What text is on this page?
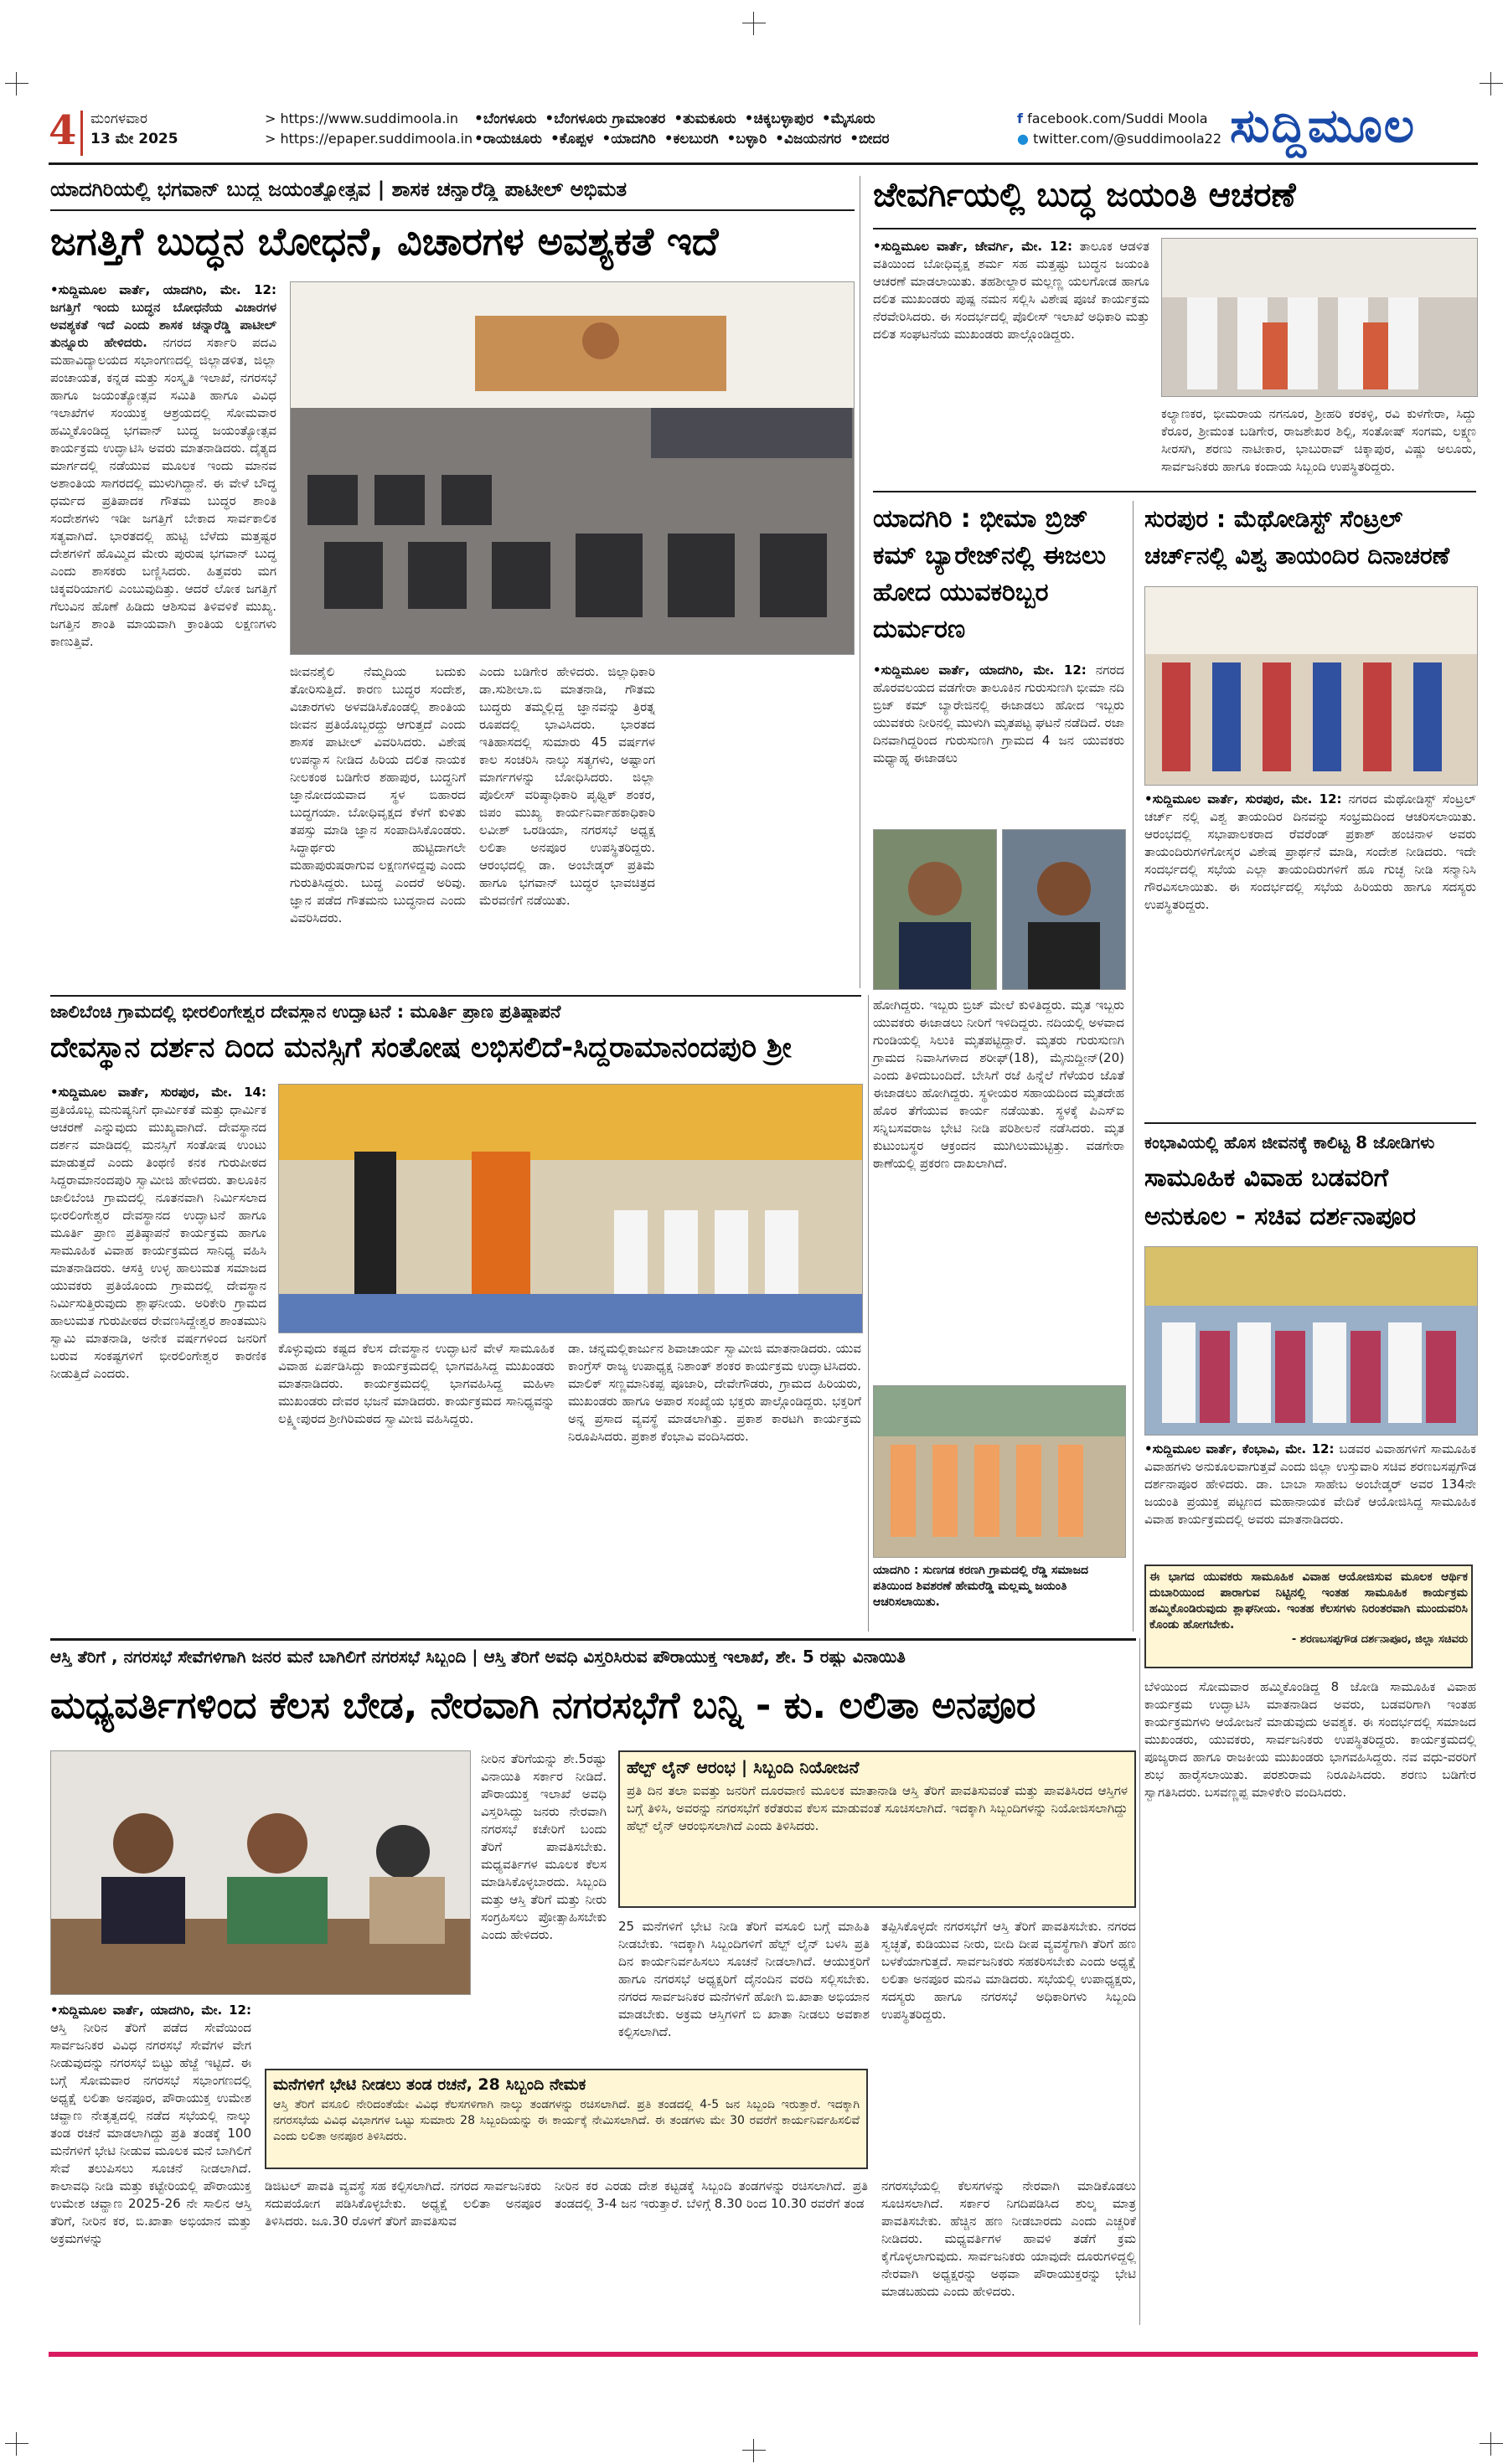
4 ಮಂಗಳವಾರ
13 ಮೇ 2025
> https://www.suddimoola.in
> https://epaper.suddimoola.in
•ಬೆಂಗಳೂರು •ಬೆಂಗಳೂರು ಗ್ರಾಮಾಂತರ •ತುಮಕೂರು •ಚಿಕ್ಕಬಳ್ಳಾಪುರ •ಮೈಸೂರು
•ರಾಯಚೂರು •ಕೊಪ್ಪಳ •ಯಾದಗಿರಿ •ಕಲಬುರಗಿ •ಬಳ್ಳಾರಿ •ವಿಜಯನಗರ •ಬೀದರ
f facebook.com/Suddi Moola
● twitter.com/@suddimoola22 ಸುದ್ದಿಮೂಲ
ಯಾದಗಿರಿಯಲ್ಲಿ ಭಗವಾನ್ ಬುದ್ಧ ಜಯಂತ್ಯೋತ್ಸವ | ಶಾಸಕ ಚನ್ನಾರೆಡ್ಡಿ ಪಾಟೀಲ್ ಅಭಿಮತ
ಜಗತ್ತಿಗೆ ಬುದ್ಧನ ಬೋಧನೆ, ವಿಚಾರಗಳ ಅವಶ್ಯಕತೆ ಇದೆ
•ಸುದ್ದಿಮೂಲ ವಾರ್ತೆ, ಯಾದಗಿರಿ, ಮೇ. 12: ಜಗತ್ತಿಗೆ ಇಂದು ಬುದ್ಧನ ಬೋಧನೆಯ ವಿಚಾರಗಳ ಅವಶ್ಯಕತೆ ಇದೆ ಎಂದು ಶಾಸಕ ಚನ್ನಾರೆಡ್ಡಿ ಪಾಟೀಲ್ ತುನ್ನೂರು ಹೇಳಿದರು. ನಗರದ ಸರ್ಕಾರಿ ಪದವಿ ಮಹಾವಿದ್ಯಾಲಯದ ಸಭಾಂಗಣದಲ್ಲಿ ಜಿಲ್ಲಾಡಳಿತ, ಜಿಲ್ಲಾ ಪಂಚಾಯತ, ಕನ್ನಡ ಮತ್ತು ಸಂಸ್ಕೃತಿ ಇಲಾಖೆ, ನಗರಸಭೆ ಹಾಗೂ ಜಯಂತ್ಯೋತ್ಸವ ಸಮಿತಿ ಹಾಗೂ ವಿವಿಧ ಇಲಾಖೆಗಳ ಸಂಯುಕ್ತ ಆಶ್ರಯದಲ್ಲಿ ಸೋಮವಾರ ಹಮ್ಮಿಕೊಂಡಿದ್ದ ಭಗವಾನ್ ಬುದ್ಧ ಜಯಂತ್ಯೋತ್ಸವ ಕಾರ್ಯಕ್ರಮ ಉದ್ಘಾಟಿಸಿ ಅವರು ಮಾತನಾಡಿದರು. ದೈತ್ಯದ ಮಾರ್ಗದಲ್ಲಿ ನಡೆಯುವ ಮೂಲಕ ಇಂದು ಮಾನವ ಅಶಾಂತಿಯ ಸಾಗರದಲ್ಲಿ ಮುಳುಗಿದ್ದಾನೆ. ಈ ವೇಳೆ ಬೌದ್ಧ ಧರ್ಮದ ಪ್ರತಿಪಾದಕ ಗೌತಮ ಬುದ್ಧರ ಶಾಂತಿ ಸಂದೇಶಗಳು ಇಡೀ ಜಗತ್ತಿಗೆ ಬೇಕಾದ ಸಾರ್ವಕಾಲಿಕ ಸತ್ಯವಾಗಿದೆ. ಭಾರತದಲ್ಲಿ ಹುಟ್ಟಿ ಬೆಳೆದು ಮತ್ತಷ್ಟರ ದೇಶಗಳಿಗೆ ಹೊಮ್ಮಿದ ಮೇರು ಪುರುಷ ಭಗವಾನ್ ಬುದ್ಧ ಎಂದು ಶಾಸಕರು ಬಣ್ಣಿಸಿದರು. ಹಿತ್ತವರು ಮಗ ಚಿಕ್ಕವರಿಯಾಗಲಿ ಎಂಬುವುದಿತ್ತು. ಆದರೆ ಲೋಕ ಜಗತ್ತಿಗೆ ಗೆಲುವಿನ ಹೊಣೆ ಹಿಡಿದು ಆಶಿಸುವ ತಿಳಿವಳಿಕೆ ಮುಖ್ಯ. ಜಗತ್ತಿನ ಶಾಂತಿ ಮಾಯವಾಗಿ ಕ್ರಾಂತಿಯ ಲಕ್ಷಣಗಳು ಕಾಣುತ್ತಿವೆ.
ಜೀವನಶೈಲಿ ನೆಮ್ಮದಿಯ ಬದುಕು ತೋರಿಸುತ್ತಿದೆ. ಕಾರಣ ಬುದ್ಧರ ಸಂದೇಶ, ವಿಚಾರಗಳು ಅಳವಡಿಸಿಕೊಂಡಲ್ಲಿ ಶಾಂತಿಯ ಜೀವನ ಪ್ರತಿಯೊಬ್ಬರದ್ದು ಆಗುತ್ತದೆ ಎಂದು ಶಾಸಕ ಪಾಟೀಲ್ ವಿವರಿಸಿದರು. ವಿಶೇಷ ಉಪನ್ಯಾಸ ನೀಡಿದ ಹಿರಿಯ ದಲಿತ ನಾಯಕ ನೀಲಕಂಠ ಬಡಿಗೇರ ಶಹಾಪುರ, ಬುದ್ಧನಿಗೆ ಜ್ಞಾನೋದಯವಾದ ಸ್ಥಳ ಬಿಹಾರದ ಬುದ್ಧಗಯಾ. ಬೋಧಿವೃಕ್ಷದ ಕೆಳಗೆ ಕುಳಿತು ತಪಸ್ಸು ಮಾಡಿ ಜ್ಞಾನ ಸಂಪಾದಿಸಿಕೊಂಡರು. ಸಿದ್ಧಾರ್ಥರು ಹುಟ್ಟಿದಾಗಲೇ ಮಹಾಪುರುಷರಾಗುವ ಲಕ್ಷಣಗಳಿದ್ದವು ಎಂದು ಗುರುತಿಸಿದ್ದರು. ಬುದ್ಧ ಎಂದರೆ ಅರಿವು. ಜ್ಞಾನ ಪಡೆದ ಗೌತಮನು ಬುದ್ಧನಾದ ಎಂದು ವಿವರಿಸಿದರು.
ಎಂದು ಬಡಿಗೇರ ಹೇಳಿದರು. ಜಿಲ್ಲಾಧಿಕಾರಿ ಡಾ.ಸುಶೀಲಾ.ಬಿ ಮಾತನಾಡಿ, ಗೌತಮ ಬುದ್ಧರು ತಮ್ಮಲ್ಲಿದ್ದ ಜ್ಞಾನವನ್ನು ತ್ರಿರತ್ನ ರೂಪದಲ್ಲಿ ಭಾವಿಸಿದರು. ಭಾರತದ ಇತಿಹಾಸದಲ್ಲಿ ಸುಮಾರು 45 ವರ್ಷಗಳ ಕಾಲ ಸಂಚರಿಸಿ ನಾಲ್ಕು ಸತ್ಯಗಳು, ಅಷ್ಟಾಂಗ ಮಾರ್ಗಗಳನ್ನು ಬೋಧಿಸಿದರು. ಜಿಲ್ಲಾ ಪೊಲೀಸ್ ವರಿಷ್ಠಾಧಿಕಾರಿ ಪೃಥ್ವಿಕ್ ಶಂಕರ, ಜಿಪಂ ಮುಖ್ಯ ಕಾರ್ಯನಿರ್ವಾಹಕಾಧಿಕಾರಿ ಲವೀಶ್ ಒರಡಿಯಾ, ನಗರಸಭೆ ಅಧ್ಯಕ್ಷ ಲಲಿತಾ ಅನಪೂರ ಉಪಸ್ಥಿತರಿದ್ದರು. ಆರಂಭದಲ್ಲಿ ಡಾ. ಅಂಬೇಡ್ಕರ್ ಪ್ರತಿಮೆ ಹಾಗೂ ಭಗವಾನ್ ಬುದ್ಧರ ಭಾವಚಿತ್ರದ ಮೆರವಣಿಗೆ ನಡೆಯಿತು.
ಜೇವರ್ಗಿಯಲ್ಲಿ ಬುದ್ಧ ಜಯಂತಿ ಆಚರಣೆ
•ಸುದ್ದಿಮೂಲ ವಾರ್ತೆ, ಜೇವರ್ಗಿ, ಮೇ. 12: ತಾಲೂಕ ಆಡಳಿತ ವತಿಯಿಂದ ಬೋಧಿವೃಕ್ಷ ಶರ್ಮ ಸಹ ಮತ್ತಷ್ಟು ಬುದ್ಧನ ಜಯಂತಿ ಆಚರಣೆ ಮಾಡಲಾಯಿತು. ತಹಶೀಲ್ದಾರ ಮಲ್ಲಣ್ಣ ಯಲಗೋಡ ಹಾಗೂ ದಲಿತ ಮುಖಂಡರು ಪುಷ್ಪ ನಮನ ಸಲ್ಲಿಸಿ ವಿಶೇಷ ಪೂಜೆ ಕಾರ್ಯಕ್ರಮ ನೆರವೇರಿಸಿದರು. ಈ ಸಂದರ್ಭದಲ್ಲಿ ಪೊಲೀಸ್ ಇಲಾಖೆ ಅಧಿಕಾರಿ ಮತ್ತು ದಲಿತ ಸಂಘಟನೆಯ ಮುಖಂಡರು ಪಾಲ್ಗೊಂಡಿದ್ದರು.
ಕಲ್ಯಾಣಕರ, ಭೀಮರಾಯ ನಗನೂರ, ಶ್ರೀಹರಿ ಕರಕಳ್ಳಿ, ರವಿ ಕುಳಗೇರಾ, ಸಿದ್ದು ಕೆರೂರ, ಶ್ರೀಮಂತ ಬಡಿಗೇರ, ರಾಜಶೇಖರ ಶಿಲ್ಪಿ, ಸಂತೋಷ್ ಸಂಗಮ, ಲಕ್ಷ್ಮಣ ಸೀರಸಗಿ, ಶರಣು ನಾಟೀಕಾರ, ಭಾಬುರಾವ್ ಚಿಕ್ಕಾಪುರ, ವಿಷ್ಣು ಅಲೂರು, ಸಾರ್ವಜನಿಕರು ಹಾಗೂ ಕಂದಾಯ ಸಿಬ್ಬಂದಿ ಉಪಸ್ಥಿತರಿದ್ದರು.
ಯಾದಗಿರಿ : ಭೀಮಾ ಬ್ರಿಜ್ ಕಮ್ ಬ್ಯಾರೇಜ್‌ನಲ್ಲಿ ಈಜಲು ಹೋದ ಯುವಕರಿಬ್ಬರ ದುರ್ಮರಣ
•ಸುದ್ದಿಮೂಲ ವಾರ್ತೆ, ಯಾದಗಿರಿ, ಮೇ. 12: ನಗರದ ಹೊರವಲಯದ ವಡಗೇರಾ ತಾಲೂಕಿನ ಗುರುಸುಣಗಿ ಭೀಮಾ ನದಿ ಬ್ರಿಜ್ ಕಮ್ ಬ್ಯಾರೇಜಿನಲ್ಲಿ ಈಜಾಡಲು ಹೋದ ಇಬ್ಬರು ಯುವಕರು ನೀರಿನಲ್ಲಿ ಮುಳುಗಿ ಮೃತಪಟ್ಟ ಘಟನೆ ನಡೆದಿದೆ. ರಜಾ ದಿನವಾಗಿದ್ದರಿಂದ ಗುರುಸುಣಗಿ ಗ್ರಾಮದ 4 ಜನ ಯುವಕರು ಮಧ್ಯಾಹ್ನ ಈಜಾಡಲು
ಹೋಗಿದ್ದರು. ಇಬ್ಬರು ಬ್ರಿಜ್ ಮೇಲೆ ಕುಳಿತಿದ್ದರು. ಮೃತ ಇಬ್ಬರು ಯುವಕರು ಈಜಾಡಲು ನೀರಿಗೆ ಇಳಿದಿದ್ದರು. ನದಿಯಲ್ಲಿ ಅಳವಾದ ಗುಂಡಿಯಲ್ಲಿ ಸಿಲುಕಿ ಮೃತಪಟ್ಟಿದ್ದಾರೆ. ಮೃತರು ಗುರುಸುಣಗಿ ಗ್ರಾಮದ ನಿವಾಸಿಗಳಾದ ಶರೀಫ್(18), ಮೈನುದ್ದೀನ್(20) ಎಂದು ತಿಳಿದುಬಂದಿದೆ. ಬೇಸಿಗೆ ರಜೆ ಹಿನ್ನೆಲೆ ಗೆಳೆಯರ ಜೊತೆ ಈಜಾಡಲು ಹೋಗಿದ್ದರು. ಸ್ಥಳೀಯರ ಸಹಾಯದಿಂದ ಮೃತದೇಹ ಹೊರ ತೆಗೆಯುವ ಕಾರ್ಯ ನಡೆಯಿತು. ಸ್ಥಳಕ್ಕೆ ಪಿಎಸ್ಐ ಸನ್ನಿಬಸವರಾಜ ಭೇಟಿ ನೀಡಿ ಪರಿಶೀಲನೆ ನಡೆಸಿದರು. ಮೃತ ಕುಟುಂಬಸ್ಥರ ಆಕ್ರಂದನ ಮುಗಿಲುಮುಟ್ಟಿತ್ತು. ವಡಗೇರಾ ಠಾಣೆಯಲ್ಲಿ ಪ್ರಕರಣ ದಾಖಲಾಗಿದೆ.
ಯಾದಗಿರಿ : ಸುಣಗಡ ಕರಣಗಿ ಗ್ರಾಮದಲ್ಲಿ ರೆಡ್ಡಿ ಸಮಾಜದ ಪತಿಯಿಂದ ಶಿವಶರಣೆ ಹೇಮರೆಡ್ಡಿ ಮಲ್ಲಮ್ಮ ಜಯಂತಿ ಆಚರಿಸಲಾಯಿತು.
ಸುರಪುರ : ಮೆಥೋಡಿಸ್ಟ್ ಸೆಂಟ್ರಲ್ ಚರ್ಚ್‌ನಲ್ಲಿ ವಿಶ್ವ ತಾಯಂದಿರ ದಿನಾಚರಣೆ
•ಸುದ್ದಿಮೂಲ ವಾರ್ತೆ, ಸುರಪುರ, ಮೇ. 12: ನಗರದ ಮೆಥೋಡಿಸ್ಟ್ ಸೆಂಟ್ರಲ್ ಚರ್ಚ್ ನಲ್ಲಿ ವಿಶ್ವ ತಾಯಂದಿರ ದಿನವನ್ನು ಸಂಭ್ರಮದಿಂದ ಆಚರಿಸಲಾಯಿತು. ಆರಂಭದಲ್ಲಿ ಸಭಾಪಾಲಕರಾದ ರೆವರೆಂಡ್ ಪ್ರಕಾಶ್ ಹಂಚಿನಾಳ ಅವರು ತಾಯಂದಿರುಗಳಿಗೋಸ್ಕರ ವಿಶೇಷ ಪ್ರಾರ್ಥನೆ ಮಾಡಿ, ಸಂದೇಶ ನೀಡಿದರು. ಇದೇ ಸಂದರ್ಭದಲ್ಲಿ ಸಭೆಯ ಎಲ್ಲಾ ತಾಯಂದಿರುಗಳಿಗೆ ಹೂ ಗುಚ್ಛ ನೀಡಿ ಸನ್ಮಾನಿಸಿ ಗೌರವಿಸಲಾಯಿತು. ಈ ಸಂದರ್ಭದಲ್ಲಿ ಸಭೆಯ ಹಿರಿಯರು ಹಾಗೂ ಸದಸ್ಯರು ಉಪಸ್ಥಿತರಿದ್ದರು.
ಕಂಭಾವಿಯಲ್ಲಿ ಹೊಸ ಜೀವನಕ್ಕೆ ಕಾಲಿಟ್ಟ 8 ಜೋಡಿಗಳು
ಸಾಮೂಹಿಕ ವಿವಾಹ ಬಡವರಿಗೆ ಅನುಕೂಲ - ಸಚಿವ ದರ್ಶನಾಪೂರ
•ಸುದ್ದಿಮೂಲ ವಾರ್ತೆ, ಕೆಂಭಾವಿ, ಮೇ. 12: ಬಡವರ ವಿವಾಹಗಳಿಗೆ ಸಾಮೂಹಿಕ ವಿವಾಹಗಳು ಅನುಕೂಲವಾಗುತ್ತವೆ ಎಂದು ಜಿಲ್ಲಾ ಉಸ್ತುವಾರಿ ಸಚಿವ ಶರಣಬಸಪ್ಪಗೌಡ ದರ್ಶನಾಪೂರ ಹೇಳಿದರು. ಡಾ. ಬಾಬಾ ಸಾಹೇಬ ಅಂಬೇಡ್ಕರ್ ಅವರ 134ನೇ ಜಯಂತಿ ಪ್ರಯುಕ್ತ ಪಟ್ಟಣದ ಮಹಾನಾಯಕ ವೇದಿಕೆ ಆಯೋಜಿಸಿದ್ದ ಸಾಮೂಹಿಕ ವಿವಾಹ ಕಾರ್ಯಕ್ರಮದಲ್ಲಿ ಅವರು ಮಾತನಾಡಿದರು.
ಈ ಭಾಗದ ಯುವಕರು ಸಾಮೂಹಿಕ ವಿವಾಹ ಆಯೋಜಿಸುವ ಮೂಲಕ ಆರ್ಥಿಕ ದುಬಾರಿಯಿಂದ ಪಾರಾಗುವ ನಿಟ್ಟಿನಲ್ಲಿ ಇಂತಹ ಸಾಮೂಹಿಕ ಕಾರ್ಯಕ್ರಮ ಹಮ್ಮಿಕೊಂಡಿರುವುದು ಶ್ಲಾಘನೀಯ. ಇಂತಹ ಕೆಲಸಗಳು ನಿರಂತರವಾಗಿ ಮುಂದುವರಿಸಿ ಕೊಂಡು ಹೋಗಬೇಕು.
- ಶರಣಬಸಪ್ಪಗೌಡ ದರ್ಶನಾಪೂರ, ಜಿಲ್ಲಾ ಸಚಿವರು
ಬೆಳಿಯಿಂದ ಸೋಮವಾರ ಹಮ್ಮಿಕೊಂಡಿದ್ದ 8 ಜೋಡಿ ಸಾಮೂಹಿಕ ವಿವಾಹ ಕಾರ್ಯಕ್ರಮ ಉದ್ಘಾಟಿಸಿ ಮಾತನಾಡಿದ ಅವರು, ಬಡವರಿಗಾಗಿ ಇಂತಹ ಕಾರ್ಯಕ್ರಮಗಳು ಆಯೋಜನೆ ಮಾಡುವುದು ಅವಶ್ಯಕ. ಈ ಸಂದರ್ಭದಲ್ಲಿ ಸಮಾಜದ ಮುಖಂಡರು, ಯುವಕರು, ಸಾರ್ವಜನಿಕರು ಉಪಸ್ಥಿತರಿದ್ದರು. ಕಾರ್ಯಕ್ರಮದಲ್ಲಿ ಪೂಜ್ಯರಾದ ಹಾಗೂ ರಾಜಕೀಯ ಮುಖಂಡರು ಭಾಗವಹಿಸಿದ್ದರು. ನವ ವಧು-ವರರಿಗೆ ಶುಭ ಹಾರೈಸಲಾಯಿತು. ಪರಶುರಾಮ ನಿರೂಪಿಸಿದರು. ಶರಣು ಬಡಿಗೇರ ಸ್ವಾಗತಿಸಿದರು. ಬಸವಣ್ಣಪ್ಪ ಮಾಳಿಕೇರಿ ವಂದಿಸಿದರು.
ಜಾಲಿಬೆಂಚಿ ಗ್ರಾಮದಲ್ಲಿ ಭೀರಲಿಂಗೇಶ್ವರ ದೇವಸ್ಥಾನ ಉದ್ಘಾಟನೆ : ಮೂರ್ತಿ ಪ್ರಾಣ ಪ್ರತಿಷ್ಠಾಪನೆ
ದೇವಸ್ಥಾನ ದರ್ಶನ ದಿಂದ ಮನಸ್ಸಿಗೆ ಸಂತೋಷ ಲಭಿಸಲಿದೆ-ಸಿದ್ದರಾಮಾನಂದಪುರಿ ಶ್ರೀ
•ಸುದ್ದಿಮೂಲ ವಾರ್ತೆ, ಸುರಪುರ, ಮೇ. 14: ಪ್ರತಿಯೊಬ್ಬ ಮನುಷ್ಯನಿಗೆ ಧಾರ್ಮಿಕತೆ ಮತ್ತು ಧಾರ್ಮಿಕ ಆಚರಣೆ ಎನ್ನುವುದು ಮುಖ್ಯವಾಗಿದೆ. ದೇವಸ್ಥಾನದ ದರ್ಶನ ಮಾಡಿದಲ್ಲಿ ಮನಸ್ಸಿಗೆ ಸಂತೋಷ ಉಂಟು ಮಾಡುತ್ತದೆ ಎಂದು ತಿಂಥಣಿ ಕನಕ ಗುರುಪೀಠದ ಸಿದ್ದರಾಮಾನಂದಪುರಿ ಸ್ವಾಮೀಜಿ ಹೇಳಿದರು. ತಾಲೂಕಿನ ಜಾಲಿಬೆಂಚಿ ಗ್ರಾಮದಲ್ಲಿ ನೂತನವಾಗಿ ನಿರ್ಮಿಸಲಾದ ಭೀರಲಿಂಗೇಶ್ವರ ದೇವಸ್ಥಾನದ ಉದ್ಘಾಟನೆ ಹಾಗೂ ಮೂರ್ತಿ ಪ್ರಾಣ ಪ್ರತಿಷ್ಠಾಪನೆ ಕಾರ್ಯಕ್ರಮ ಹಾಗೂ ಸಾಮೂಹಿಕ ವಿವಾಹ ಕಾರ್ಯಕ್ರಮದ ಸಾನಿಧ್ಯ ವಹಿಸಿ ಮಾತನಾಡಿದರು. ಆಸಕ್ತಿ ಉಳ್ಳ ಹಾಲುಮತ ಸಮಾಜದ ಯುವಕರು ಪ್ರತಿಯೊಂದು ಗ್ರಾಮದಲ್ಲಿ ದೇವಸ್ಥಾನ ನಿರ್ಮಿಸುತ್ತಿರುವುದು ಶ್ಲಾಘನೀಯ. ಅರಿಕೇರಿ ಗ್ರಾಮದ ಹಾಲುಮತ ಗುರುಪೀಠದ ರೇವಣಸಿದ್ದೇಶ್ವರ ಶಾಂತಮುನಿ ಸ್ವಾಮಿ ಮಾತನಾಡಿ, ಅನೇಕ ವರ್ಷಗಳಿಂದ ಜನರಿಗೆ ಬರುವ ಸಂಕಷ್ಟಗಳಿಗೆ ಭೀರಲಿಂಗೇಶ್ವರ ಕಾರಣಿಕ ನೀಡುತ್ತಿದೆ ಎಂದರು.
ಕೊಳ್ಳುವುದು ಕಷ್ಟದ ಕೆಲಸ ದೇವಸ್ಥಾನ ಉದ್ಘಾಟನೆ ವೇಳೆ ಸಾಮೂಹಿಕ ವಿವಾಹ ಏರ್ಪಡಿಸಿದ್ದು ಕಾರ್ಯಕ್ರಮದಲ್ಲಿ ಭಾಗವಹಿಸಿದ್ದ ಮುಖಂಡರು ಮಾತನಾಡಿದರು. ಕಾರ್ಯಕ್ರಮದಲ್ಲಿ ಭಾಗವಹಿಸಿದ್ದ ಮಹಿಳಾ ಮುಖಂಡರು ದೇವರ ಭಜನೆ ಮಾಡಿದರು. ಕಾರ್ಯಕ್ರಮದ ಸಾನಿಧ್ಯವನ್ನು ಲಕ್ಷ್ಮೀಪುರದ ಶ್ರೀಗಿರಿಮಠದ ಸ್ವಾಮೀಜಿ ವಹಿಸಿದ್ದರು.
ಡಾ. ಚನ್ನಮಲ್ಲಿಕಾರ್ಜುನ ಶಿವಾಚಾರ್ಯ ಸ್ವಾಮೀಜಿ ಮಾತನಾಡಿದರು. ಯುವ ಕಾಂಗ್ರೆಸ್ ರಾಜ್ಯ ಉಪಾಧ್ಯಕ್ಷ ನಿಶಾಂತ್ ಶಂಕರ ಕಾರ್ಯಕ್ರಮ ಉದ್ಘಾಟಿಸಿದರು. ಮಾಲಿಕ್ ಸಣ್ಣಮಾನಿಕಪ್ಪ ಪೂಜಾರಿ, ದೇವೇಗೌಡರು, ಗ್ರಾಮದ ಹಿರಿಯರು, ಮುಖಂಡರು ಹಾಗೂ ಅಪಾರ ಸಂಖ್ಯೆಯ ಭಕ್ತರು ಪಾಲ್ಗೊಂಡಿದ್ದರು. ಭಕ್ತರಿಗೆ ಅನ್ನ ಪ್ರಸಾದ ವ್ಯವಸ್ಥೆ ಮಾಡಲಾಗಿತ್ತು. ಪ್ರಕಾಶ ಕಾರಟಗಿ ಕಾರ್ಯಕ್ರಮ ನಿರೂಪಿಸಿದರು. ಪ್ರಕಾಶ ಕೆಂಭಾವಿ ವಂದಿಸಿದರು.
ಆಸ್ತಿ ತೆರಿಗೆ , ನಗರಸಭೆ ಸೇವೆಗಳಿಗಾಗಿ ಜನರ ಮನೆ ಬಾಗಿಲಿಗೆ ನಗರಸಭೆ ಸಿಬ್ಬಂದಿ | ಆಸ್ತಿ ತೆರಿಗೆ ಅವಧಿ ವಿಸ್ತರಿಸಿರುವ ಪೌರಾಯುಕ್ತ ಇಲಾಖೆ, ಶೇ. 5 ರಷ್ಟು ವಿನಾಯಿತಿ
ಮಧ್ಯವರ್ತಿಗಳಿಂದ ಕೆಲಸ ಬೇಡ, ನೇರವಾಗಿ ನಗರಸಭೆಗೆ ಬನ್ನಿ - ಕು. ಲಲಿತಾ ಅನಪೂರ
•ಸುದ್ದಿಮೂಲ ವಾರ್ತೆ, ಯಾದಗಿರಿ, ಮೇ. 12: ಆಸ್ತಿ ನೀರಿನ ತೆರಿಗೆ ಪಡೆದ ಸೇವೆಯಿಂದ ಸಾರ್ವಜನಿಕರ ವಿವಿಧ ನಗರಸಭೆ ಸೇವೆಗಳ ವೇಗ ನೀಡುವುದನ್ನು ನಗರಸಭೆ ಬಿಟ್ಟು ಹೆಜ್ಜೆ ಇಟ್ಟಿದೆ. ಈ ಬಗ್ಗೆ ಸೋಮವಾರ ನಗರಸಭೆ ಸಭಾಂಗಣದಲ್ಲಿ ಅಧ್ಯಕ್ಷೆ ಲಲಿತಾ ಅನಪೂರ, ಪೌರಾಯುಕ್ತ ಉಮೇಶ ಚವ್ಹಾಣ ನೇತೃತ್ವದಲ್ಲಿ ನಡೆದ ಸಭೆಯಲ್ಲಿ ನಾಲ್ಕು ತಂಡ ರಚನೆ ಮಾಡಲಾಗಿದ್ದು ಪ್ರತಿ ತಂಡಕ್ಕೆ 100 ಮನೆಗಳಿಗೆ ಭೇಟಿ ನೀಡುವ ಮೂಲಕ ಮನೆ ಬಾಗಿಲಿಗೆ ಸೇವೆ ತಲುಪಿಸಲು ಸೂಚನೆ ನೀಡಲಾಗಿದೆ. ಕಾಲಾವಧಿ ನೀಡಿ ಮತ್ತು ಕಟ್ಟೇರಿಯಲ್ಲಿ ಪೌರಾಯುಕ್ತ ಉಮೇಶ ಚವ್ಹಾಣ 2025-26 ನೇ ಸಾಲಿನ ಆಸ್ತಿ ತೆರಿಗೆ, ನೀರಿನ ಕರ, ಬಿ.ಖಾತಾ ಅಭಿಯಾನ ಮತ್ತು ಅಕ್ರಮಗಳನ್ನು
ನೀರಿನ ತೆರಿಗೆಯನ್ನು ಶೇ.5ರಷ್ಟು ವಿನಾಯಿತಿ ಸರ್ಕಾರ ನೀಡಿದೆ. ಪೌರಾಯುಕ್ತ ಇಲಾಖೆ ಅವಧಿ ವಿಸ್ತರಿಸಿದ್ದು ಜನರು ನೇರವಾಗಿ ನಗರಸಭೆ ಕಚೇರಿಗೆ ಬಂದು ತೆರಿಗೆ ಪಾವತಿಸಬೇಕು. ಮಧ್ಯವರ್ತಿಗಳ ಮೂಲಕ ಕೆಲಸ ಮಾಡಿಸಿಕೊಳ್ಳಬಾರದು. ಸಿಬ್ಬಂದಿ ಮತ್ತು ಆಸ್ತಿ ತೆರಿಗೆ ಮತ್ತು ನೀರು ಸಂಗ್ರಹಿಸಲು ಪ್ರೋತ್ಸಾಹಿಸಬೇಕು ಎಂದು ಹೇಳಿದರು.
ಹೆಲ್ಪ್ ಲೈನ್ ಆರಂಭ | ಸಿಬ್ಬಂದಿ ನಿಯೋಜನೆ
ಪ್ರತಿ ದಿನ ತಲಾ ಐವತ್ತು ಜನರಿಗೆ ದೂರವಾಣಿ ಮೂಲಕ ಮಾತಾನಾಡಿ ಆಸ್ತಿ ತೆರಿಗೆ ಪಾವತಿಸುವಂತೆ ಮತ್ತು ಪಾವತಿಸಿರದ ಆಸ್ತಿಗಳ ಬಗ್ಗೆ ತಿಳಿಸಿ, ಅವರನ್ನು ನಗರಸಭೆಗೆ ಕರೆತರುವ ಕೆಲಸ ಮಾಡುವಂತೆ ಸೂಚಿಸಲಾಗಿದೆ. ಇದಕ್ಕಾಗಿ ಸಿಬ್ಬಂದಿಗಳನ್ನು ನಿಯೋಜಿಸಲಾಗಿದ್ದು ಹೆಲ್ಪ್ ಲೈನ್ ಆರಂಭಿಸಲಾಗಿದೆ ಎಂದು ತಿಳಿಸಿದರು.
25 ಮನೆಗಳಿಗೆ ಭೇಟಿ ನೀಡಿ ತೆರಿಗೆ ವಸೂಲಿ ಬಗ್ಗೆ ಮಾಹಿತಿ ನೀಡಬೇಕು. ಇದಕ್ಕಾಗಿ ಸಿಬ್ಬಂದಿಗಳಿಗೆ ಹೆಲ್ಪ್ ಲೈನ್ ಬಳಸಿ ಪ್ರತಿ ದಿನ ಕಾರ್ಯನಿರ್ವಹಿಸಲು ಸೂಚನೆ ನೀಡಲಾಗಿದೆ. ಆಯುಕ್ತರಿಗೆ ಹಾಗೂ ನಗರಸಭೆ ಅಧ್ಯಕ್ಷರಿಗೆ ದೈನಂದಿನ ವರದಿ ಸಲ್ಲಿಸಬೇಕು. ನಗರದ ಸಾರ್ವಜನಿಕರ ಮನೆಗಳಿಗೆ ಹೋಗಿ ಬಿ.ಖಾತಾ ಅಭಿಯಾನ ಮಾಡಬೇಕು. ಅಕ್ರಮ ಆಸ್ತಿಗಳಿಗೆ ಬಿ ಖಾತಾ ನೀಡಲು ಅವಕಾಶ ಕಲ್ಪಿಸಲಾಗಿದೆ.
ತಪ್ಪಿಸಿಕೊಳ್ಳದೇ ನಗರಸಭೆಗೆ ಆಸ್ತಿ ತೆರಿಗೆ ಪಾವತಿಸಬೇಕು. ನಗರದ ಸ್ವಚ್ಛತೆ, ಕುಡಿಯುವ ನೀರು, ಬೀದಿ ದೀಪ ವ್ಯವಸ್ಥೆಗಾಗಿ ತೆರಿಗೆ ಹಣ ಬಳಕೆಯಾಗುತ್ತದೆ. ಸಾರ್ವಜನಿಕರು ಸಹಕರಿಸಬೇಕು ಎಂದು ಅಧ್ಯಕ್ಷೆ ಲಲಿತಾ ಅನಪೂರ ಮನವಿ ಮಾಡಿದರು. ಸಭೆಯಲ್ಲಿ ಉಪಾಧ್ಯಕ್ಷರು, ಸದಸ್ಯರು ಹಾಗೂ ನಗರಸಭೆ ಅಧಿಕಾರಿಗಳು ಸಿಬ್ಬಂದಿ ಉಪಸ್ಥಿತರಿದ್ದರು.
ಮನೆಗಳಿಗೆ ಭೇಟಿ ನೀಡಲು ತಂಡ ರಚನೆ, 28 ಸಿಬ್ಬಂದಿ ನೇಮಕ
ಆಸ್ತಿ ತೆರಿಗೆ ವಸೂಲಿ ನೇರಿದಂತೆಯೇ ವಿವಿಧ ಕೆಲಸಗಳಿಗಾಗಿ ನಾಲ್ಕು ತಂಡಗಳನ್ನು ರಚಿಸಲಾಗಿದೆ. ಪ್ರತಿ ತಂಡದಲ್ಲಿ 4-5 ಜನ ಸಿಬ್ಬಂದಿ ಇರುತ್ತಾರೆ. ಇದಕ್ಕಾಗಿ ನಗರಸಭೆಯ ವಿವಿಧ ವಿಭಾಗಗಳ ಒಟ್ಟು ಸುಮಾರು 28 ಸಿಬ್ಬಂದಿಯನ್ನು ಈ ಕಾರ್ಯಕ್ಕೆ ನೇಮಿಸಲಾಗಿದೆ. ಈ ತಂಡಗಳು ಮೇ 30 ರವರೆಗೆ ಕಾರ್ಯನಿರ್ವಹಿಸಲಿವೆ ಎಂದು ಲಲಿತಾ ಅನಪೂರ ತಿಳಿಸಿದರು.
ಡಿಜಿಟಲ್ ಪಾವತಿ ವ್ಯವಸ್ಥೆ ಸಹ ಕಲ್ಪಿಸಲಾಗಿದೆ. ನಗರದ ಸಾರ್ವಜನಿಕರು ಸದುಪಯೋಗ ಪಡಿಸಿಕೊಳ್ಳಬೇಕು. ಅಧ್ಯಕ್ಷೆ ಲಲಿತಾ ಅನಪೂರ ತಿಳಿಸಿದರು. ಜೂ.30 ರೊಳಗೆ ತೆರಿಗೆ ಪಾವತಿಸುವ
ನೀರಿನ ಕರ ಎರಡು ದೇಶ ಕಟ್ಟಡಕ್ಕೆ ಸಿಬ್ಬಂದಿ ತಂಡಗಳನ್ನು ರಚಿಸಲಾಗಿದೆ. ಪ್ರತಿ ತಂಡದಲ್ಲಿ 3-4 ಜನ ಇರುತ್ತಾರೆ. ಬೆಳಿಗ್ಗೆ 8.30 ರಿಂದ 10.30 ರವರೆಗೆ ತಂಡ
ನಗರಸಭೆಯಲ್ಲಿ ಕೆಲಸಗಳನ್ನು ನೇರವಾಗಿ ಮಾಡಿಕೊಡಲು ಸೂಚಿಸಲಾಗಿದೆ. ಸರ್ಕಾರ ನಿಗದಿಪಡಿಸಿದ ಶುಲ್ಕ ಮಾತ್ರ ಪಾವತಿಸಬೇಕು. ಹೆಚ್ಚಿನ ಹಣ ನೀಡಬಾರದು ಎಂದು ಎಚ್ಚರಿಕೆ ನೀಡಿದರು. ಮಧ್ಯವರ್ತಿಗಳ ಹಾವಳಿ ತಡೆಗೆ ಕ್ರಮ ಕೈಗೊಳ್ಳಲಾಗುವುದು. ಸಾರ್ವಜನಿಕರು ಯಾವುದೇ ದೂರುಗಳಿದ್ದಲ್ಲಿ ನೇರವಾಗಿ ಅಧ್ಯಕ್ಷರನ್ನು ಅಥವಾ ಪೌರಾಯುಕ್ತರನ್ನು ಭೇಟಿ ಮಾಡಬಹುದು ಎಂದು ಹೇಳಿದರು.
